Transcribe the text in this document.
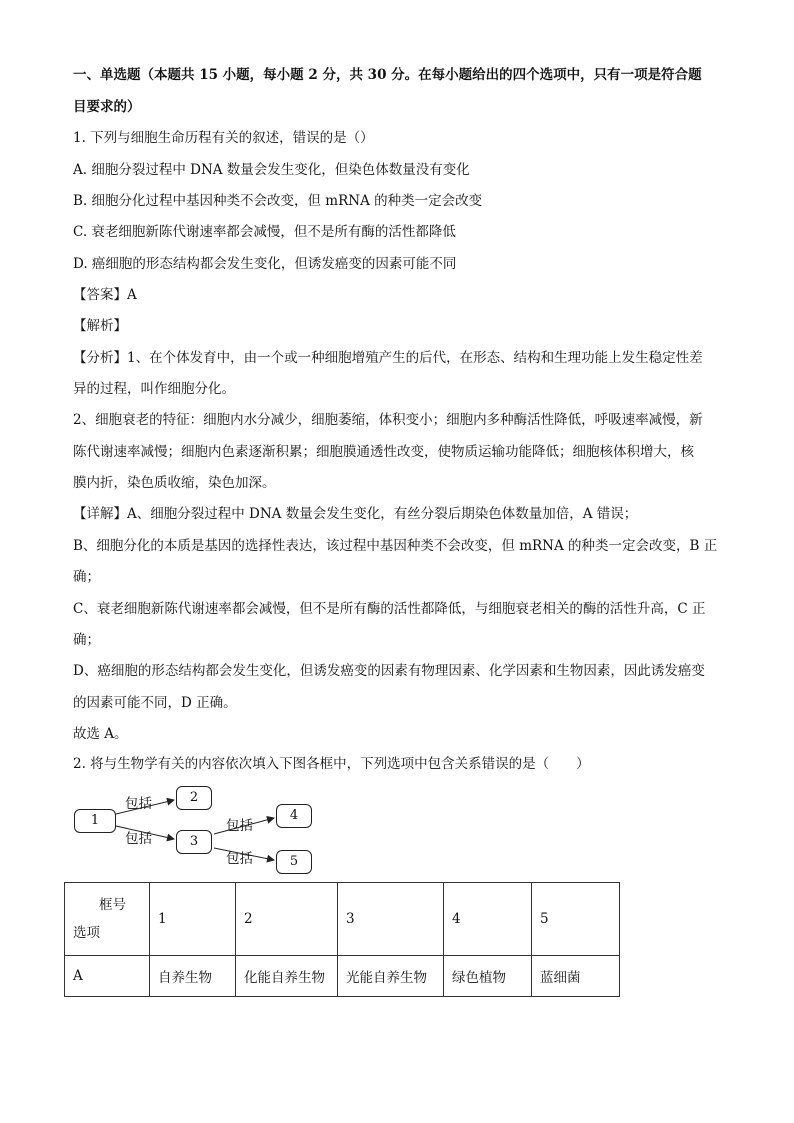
一、单选题（本题共 15 小题，每小题 2 分，共 30 分。在每小题给出的四个选项中，只有一项是符合题
目要求的）
1. 下列与细胞生命历程有关的叙述，错误的是（）
A. 细胞分裂过程中 DNA 数量会发生变化，但染色体数量没有变化
B. 细胞分化过程中基因种类不会改变，但 mRNA 的种类一定会改变
C. 衰老细胞新陈代谢速率都会减慢，但不是所有酶的活性都降低
D. 癌细胞的形态结构都会发生变化，但诱发癌变的因素可能不同
【答案】A
【解析】
【分析】1、在个体发育中，由一个或一种细胞增殖产生的后代，在形态、结构和生理功能上发生稳定性差
异的过程，叫作细胞分化。
2、细胞衰老的特征：细胞内水分减少，细胞萎缩，体积变小；细胞内多种酶活性降低，呼吸速率减慢，新
陈代谢速率减慢；细胞内色素逐渐积累；细胞膜通透性改变，使物质运输功能降低；细胞核体积增大，核
膜内折，染色质收缩，染色加深。
【详解】A、细胞分裂过程中 DNA 数量会发生变化，有丝分裂后期染色体数量加倍，A 错误；
B、细胞分化的本质是基因的选择性表达，该过程中基因种类不会改变，但 mRNA 的种类一定会改变，B 正
确；
C、衰老细胞新陈代谢速率都会减慢，但不是所有酶的活性都降低，与细胞衰老相关的酶的活性升高，C 正
确；
D、癌细胞的形态结构都会发生变化，但诱发癌变的因素有物理因素、化学因素和生物因素，因此诱发癌变
的因素可能不同，D 正确。
故选 A。
2. 将与生物学有关的内容依次填入下图各框中，下列选项中包含关系错误的是（　　）
1
2
3
4
5
包括
包括
包括
包括
框号
选项	1	2	3	4	5
A	自养生物	化能自养生物	光能自养生物	绿色植物	蓝细菌
